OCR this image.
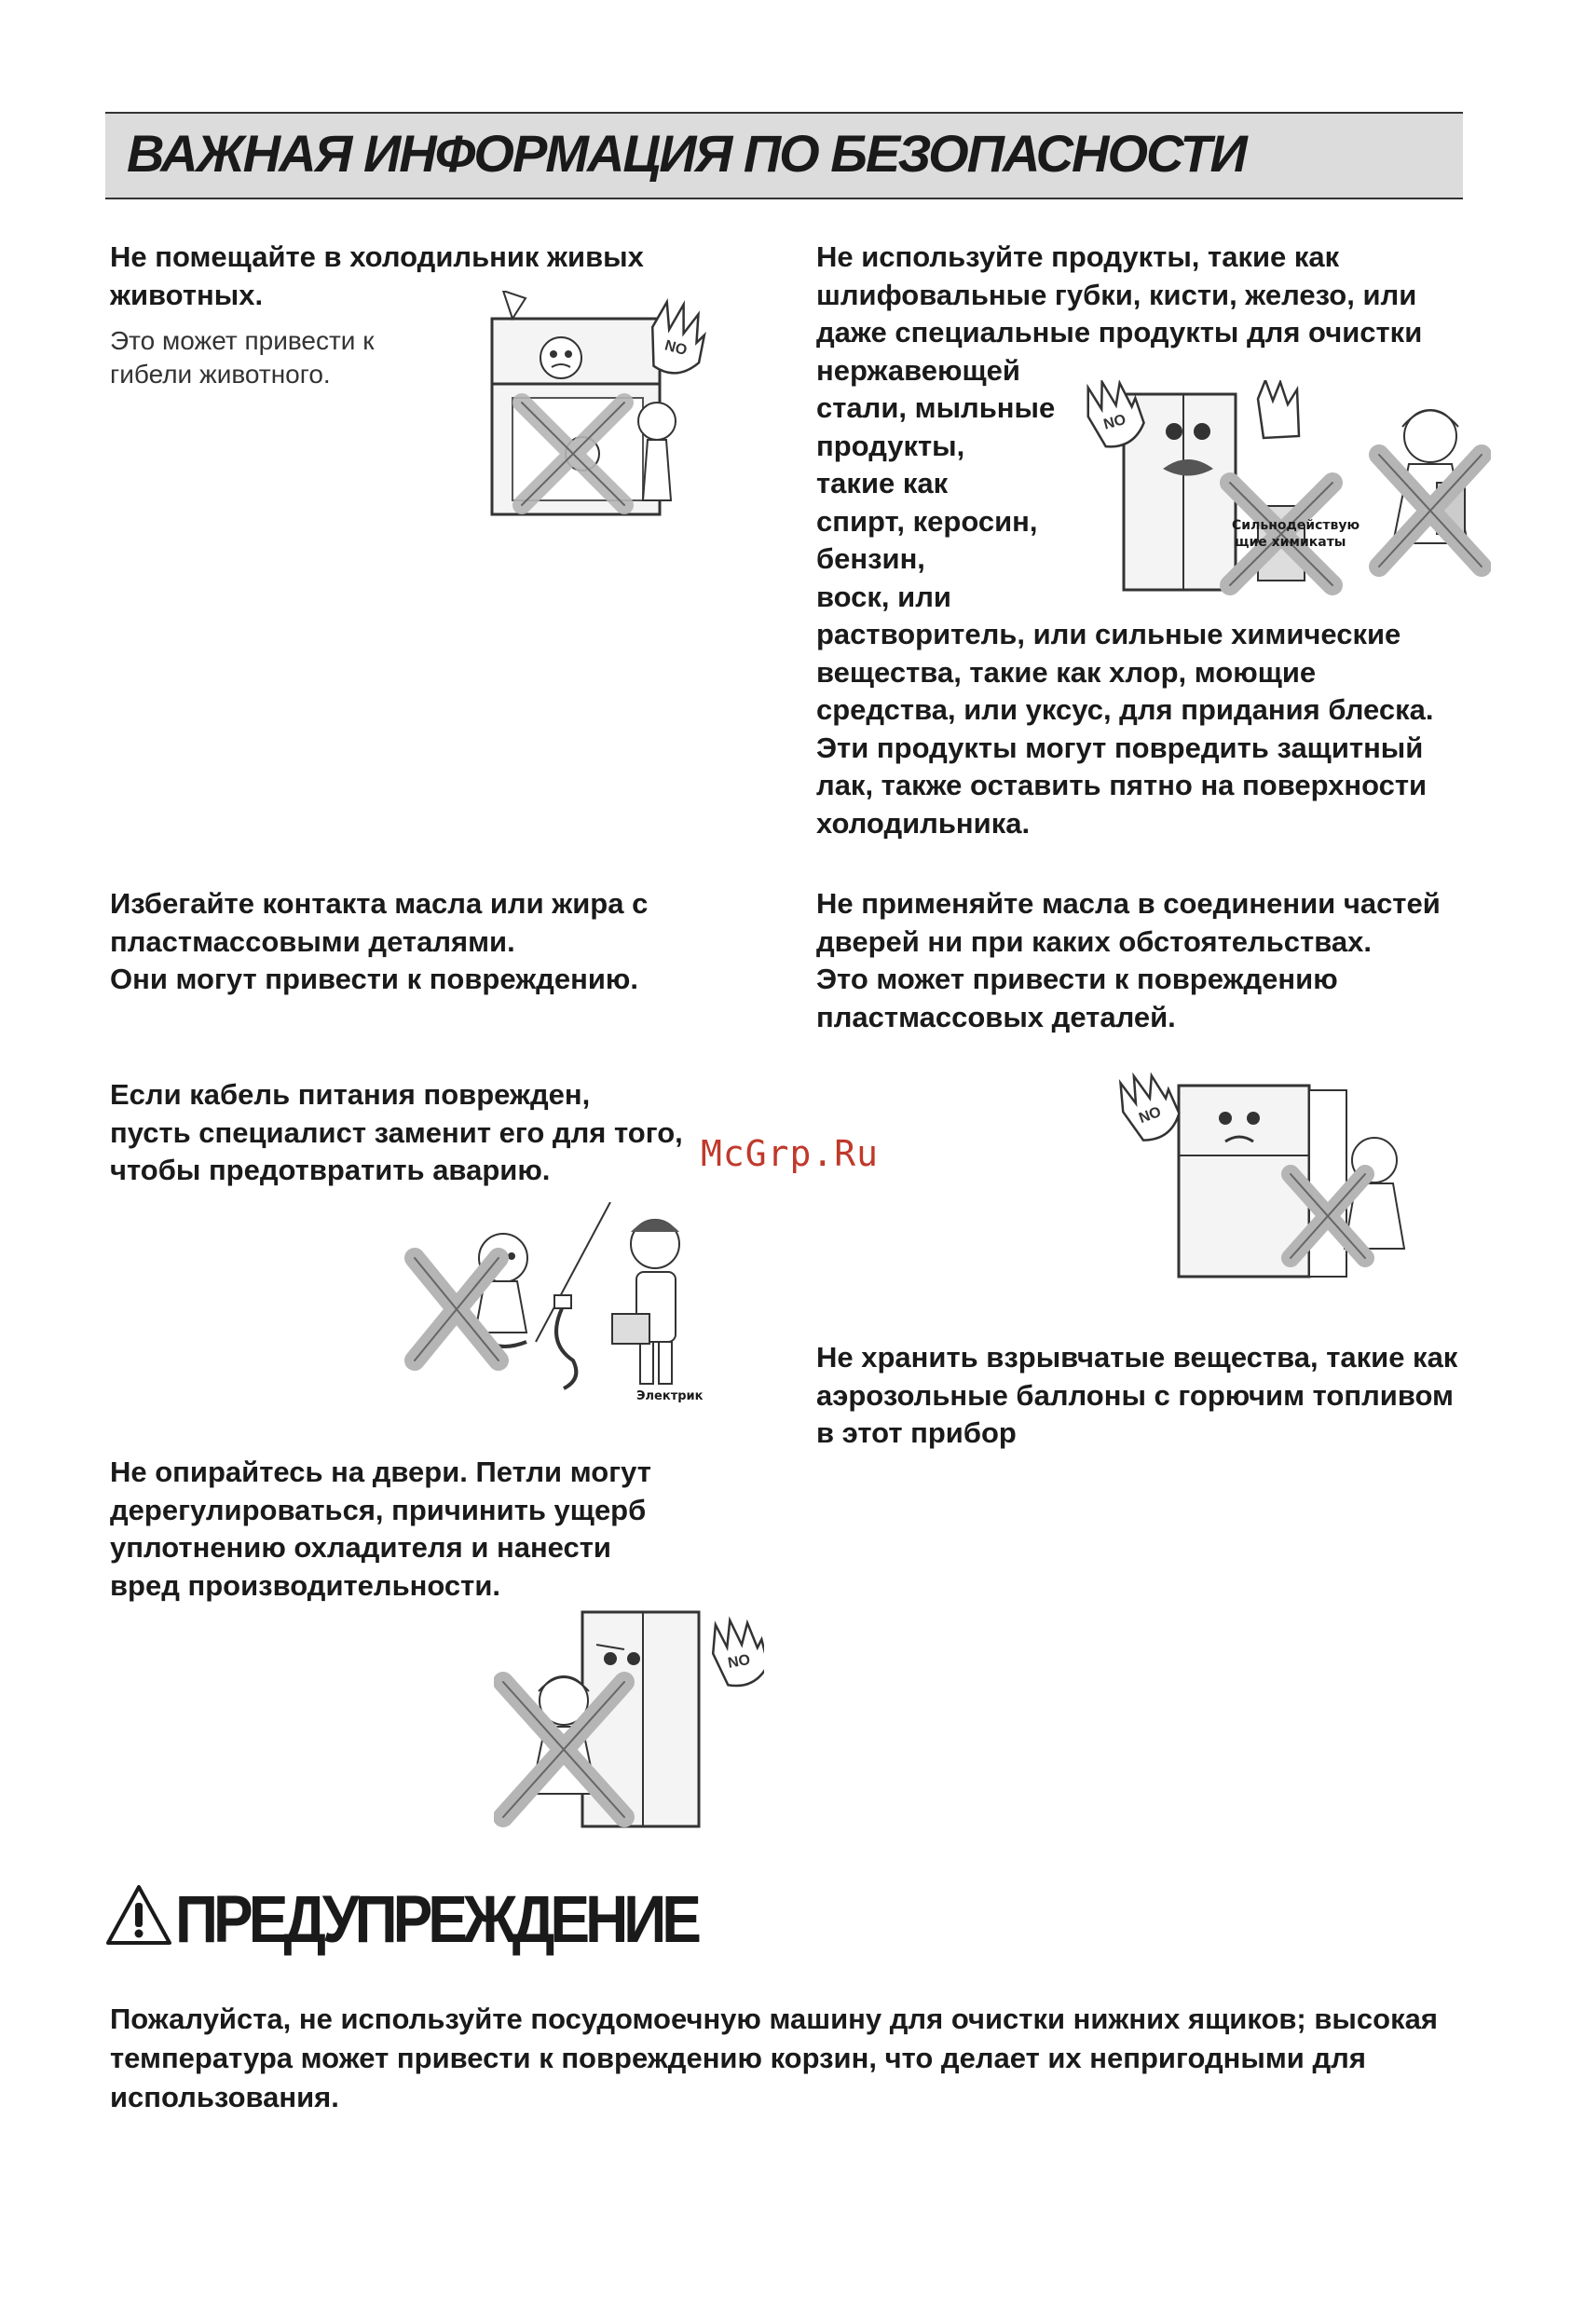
ВАЖНАЯ ИНФОРМАЦИЯ ПО БЕЗОПАСНОСТИ
Не помещайте в холодильник живых
животных.
Это может привести к
гибели животного.
NO
Избегайте контакта масла или жира с
пластмассовыми деталями.
Они могут привести к повреждению.
Если кабель питания поврежден,
пусть специалист заменит его для того,
чтобы предотвратить аварию.	McGrp.Ru

Электрик
Не опирайтесь на двери. Петли могут
дерегулироваться, причинить ущерб
уплотнению охладителя и нанести
вред производительности.
NO
Не используйте продукты, такие как
шлифовальные губки, кисти, железо, или
даже специальные продукты для очистки
нержавеющей
стали, мыльные
продукты,
такие как
спирт, керосин,
бензин,
воск, или
растворитель, или сильные химические
вещества, такие как хлор, моющие
средства, или уксус, для придания блеска.
Эти продукты могут повредить защитный
лак, также оставить пятно на поверхности
холодильника.
NO
Сильнодействую
щие химикаты
Не применяйте масла в соединении частей
дверей ни при каких обстоятельствах.
Это может привести к повреждению
пластмассовых деталей.
NO
Не хранить взрывчатые вещества, такие как
аэрозольные баллоны с горючим топливом
в этот прибор
ПРЕДУПРЕЖДЕНИЕ
Пожалуйста, не используйте посудомоечную машину для очистки нижних ящиков; высокая
температура может привести к повреждению корзин, что делает их непригодными для
использования.
